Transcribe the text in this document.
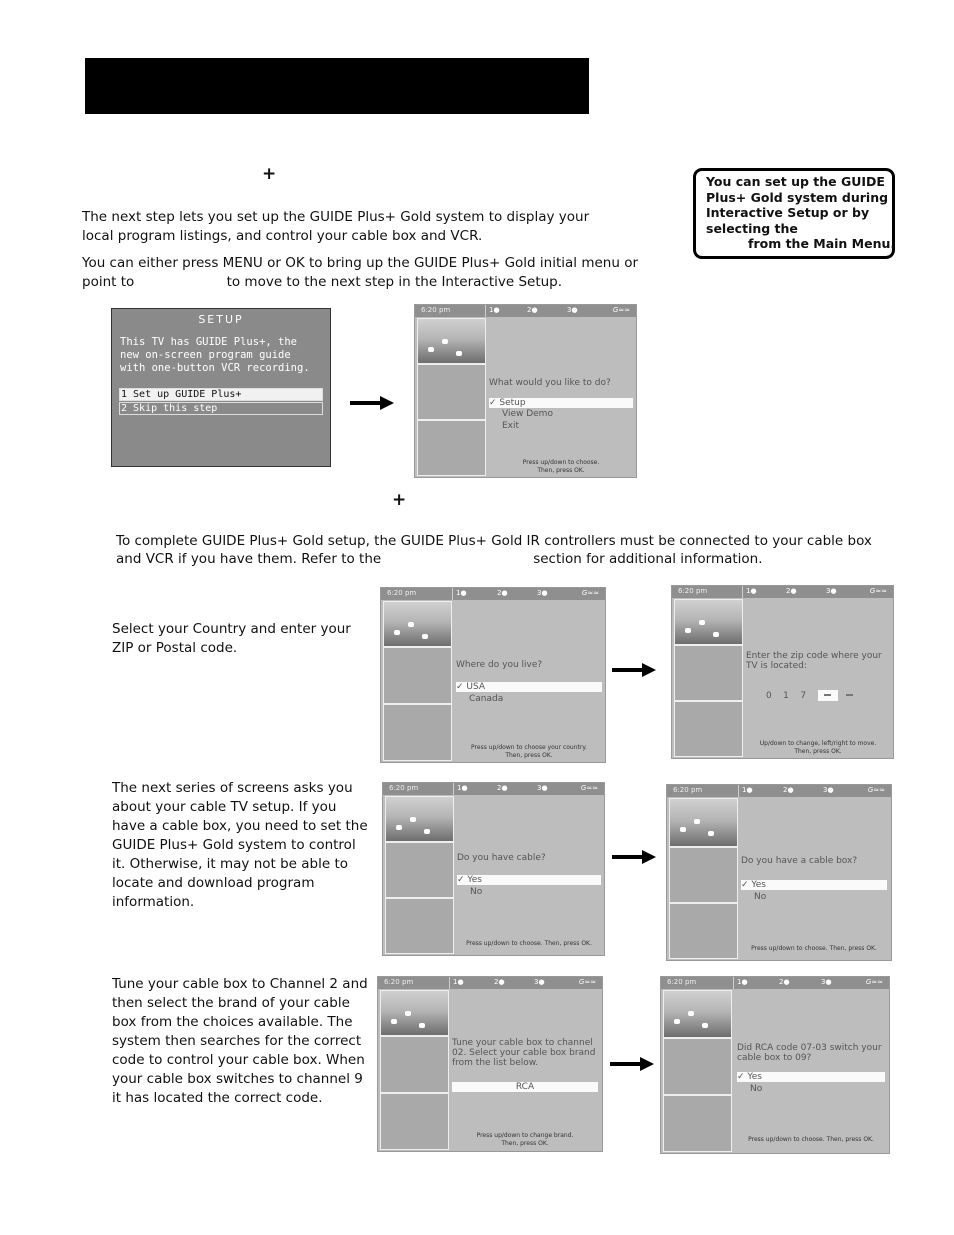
+
The next step lets you set up the GUIDE Plus+ Gold system to display your local program listings, and control your cable box and VCR.
You can either press MENU or OK to bring up the GUIDE Plus+ Gold initial menu or point to	to move to the next step in the Interactive Setup.
You can set up the GUIDE
Plus+ Gold system during
Interactive Setup or by
selecting the
from the Main Menu.
SETUP
This TV has GUIDE Plus+, the
new on-screen program guide
with one-button VCR recording.
1 Set up GUIDE Plus+
2 Skip this step
6:20 pm	1●	2●	3●	G≈≈
What would you like to do?
✓ Setup
View Demo
Exit
Press up/down to choose.
Then, press OK.
+
To complete GUIDE Plus+ Gold setup, the GUIDE Plus+ Gold IR controllers must be connected to your cable box
and VCR if you have them. Refer to the	section for additional information.
Select your Country and enter your ZIP or Postal code.
The next series of screens asks you about your cable TV setup. If you have a cable box, you need to set the GUIDE Plus+ Gold system to control it. Otherwise, it may not be able to locate and download program information.
Tune your cable box to Channel 2 and then select the brand of your cable box from the choices available. The system then searches for the correct code to control your cable box. When your cable box switches to channel 9 it has located the correct code.
6:20 pm	1●	2●	3●	G≈≈
Where do you live?
✓ USA
Canada
Press up/down to choose your country.
Then, press OK.
6:20 pm	1●	2●	3●	G≈≈
Enter the zip code where your TV is located:
0    1    7
Up/down to change, left/right to move.
Then, press OK.
6:20 pm	1●	2●	3●	G≈≈
Do you have cable?
✓ Yes
No
Press up/down to choose. Then, press OK.
6:20 pm	1●	2●	3●	G≈≈
Do you have a cable box?
✓ Yes
No
Press up/down to choose. Then, press OK.
6:20 pm	1●	2●	3●	G≈≈
Tune your cable box to channel 02. Select your cable box brand from the list below.
RCA
Press up/down to change brand.
Then, press OK.
6:20 pm	1●	2●	3●	G≈≈
Did RCA code 07-03 switch your cable box to 09?
✓ Yes
No
Press up/down to choose. Then, press OK.
